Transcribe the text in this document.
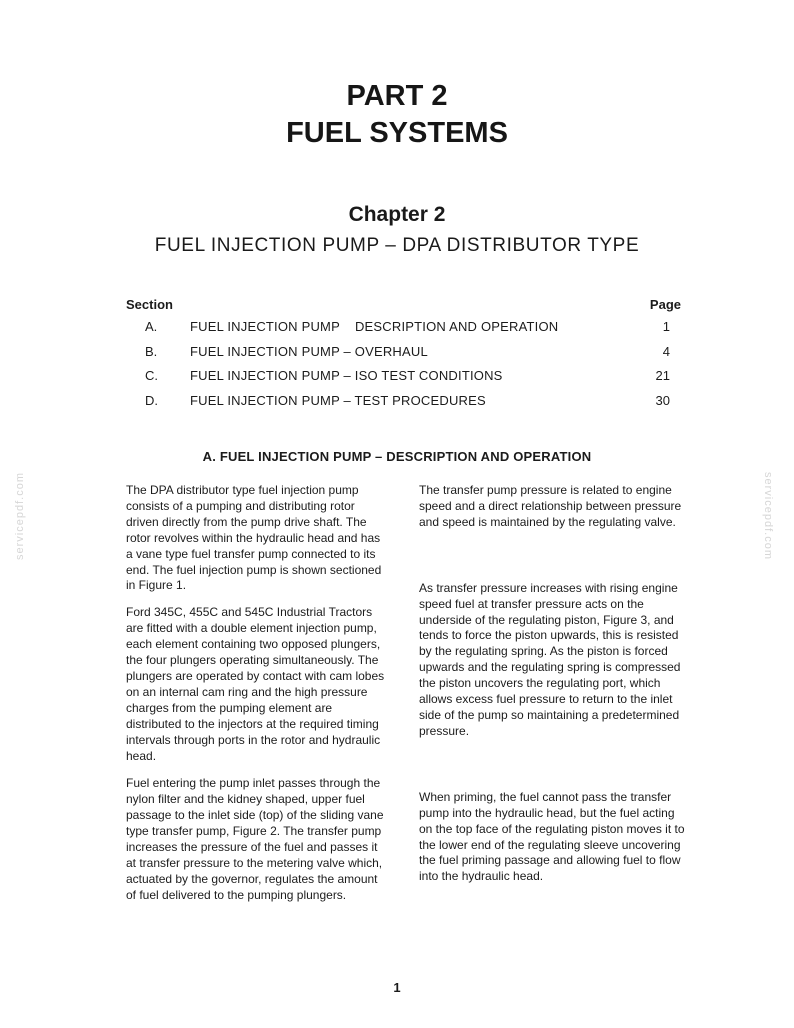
servicepdf.com	servicepdf.com
PART 2
FUEL SYSTEMS
Chapter 2
FUEL INJECTION PUMP – DPA DISTRIBUTOR TYPE
Section	Page
A.	FUEL INJECTION PUMP    DESCRIPTION AND OPERATION	1
B.	FUEL INJECTION PUMP – OVERHAUL	4
C. FUEL INJECTION PUMP – ISO TEST CONDITIONS	21
D. FUEL INJECTION PUMP – TEST PROCEDURES	30
A. FUEL INJECTION PUMP – DESCRIPTION AND OPERATION

The DPA distributor type fuel injection pump consists of a pumping and distributing rotor driven directly from the pump drive shaft. The rotor revolves within the hydraulic head and has a vane type fuel transfer pump connected to its end. The fuel injection pump is shown sectioned in Figure 1.

Ford 345C, 455C and 545C Industrial Tractors are fitted with a double element injection pump, each element containing two opposed plungers, the four plungers operating simultaneously. The plungers are operated by contact with cam lobes on an internal cam ring and the high pressure charges from the pumping element are distributed to the injectors at the required timing intervals through ports in the rotor and hydraulic head.

Fuel entering the pump inlet passes through the nylon filter and the kidney shaped, upper fuel passage to the inlet side (top) of the sliding vane type transfer pump, Figure 2. The transfer pump increases the pressure of the fuel and passes it at transfer pressure to the metering valve which, actuated by the governor, regulates the amount of fuel delivered to the pumping plungers.

The transfer pump pressure is related to engine speed and a direct relationship between pressure and speed is maintained by the regulating valve.

As transfer pressure increases with rising engine speed fuel at transfer pressure acts on the underside of the regulating piston, Figure 3, and tends to force the piston upwards, this is resisted by the regulating spring. As the piston is forced upwards and the regulating spring is compressed the piston uncovers the regulating port, which allows excess fuel pressure to return to the inlet side of the pump so maintaining a predetermined pressure.

When priming, the fuel cannot pass the transfer pump into the hydraulic head, but the fuel acting on the top face of the regulating piston moves it to the lower end of the regulating sleeve uncovering the fuel priming passage and allowing fuel to flow into the hydraulic head.

1
